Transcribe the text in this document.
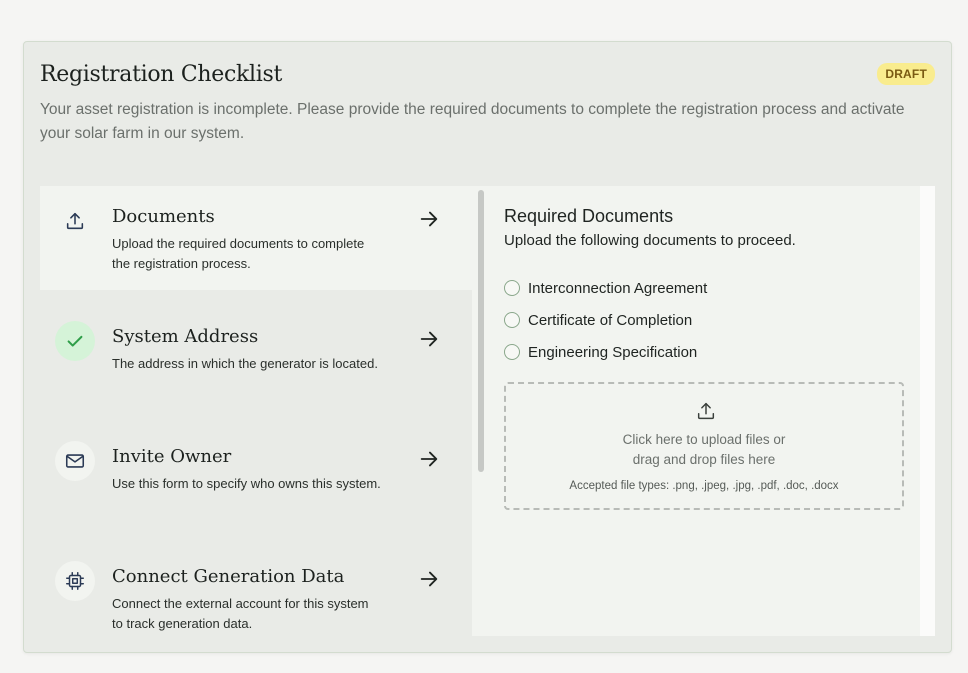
Registration Checklist	DRAFT

Your asset registration is incomplete. Please provide the required documents to complete the registration process and activate your solar farm in our system.

Documents
Upload the required documents to complete the registration process.
System Address
The address in which the generator is located.
Invite Owner
Use this form to specify who owns this system.
Connect Generation Data
Connect the external account for this system to track generation data.
Required Documents
Upload the following documents to proceed.
Interconnection Agreement
Certificate of Completion
Engineering Specification
Click here to upload files or
drag and drop files here
Accepted file types: .png, .jpeg, .jpg, .pdf, .doc, .docx
